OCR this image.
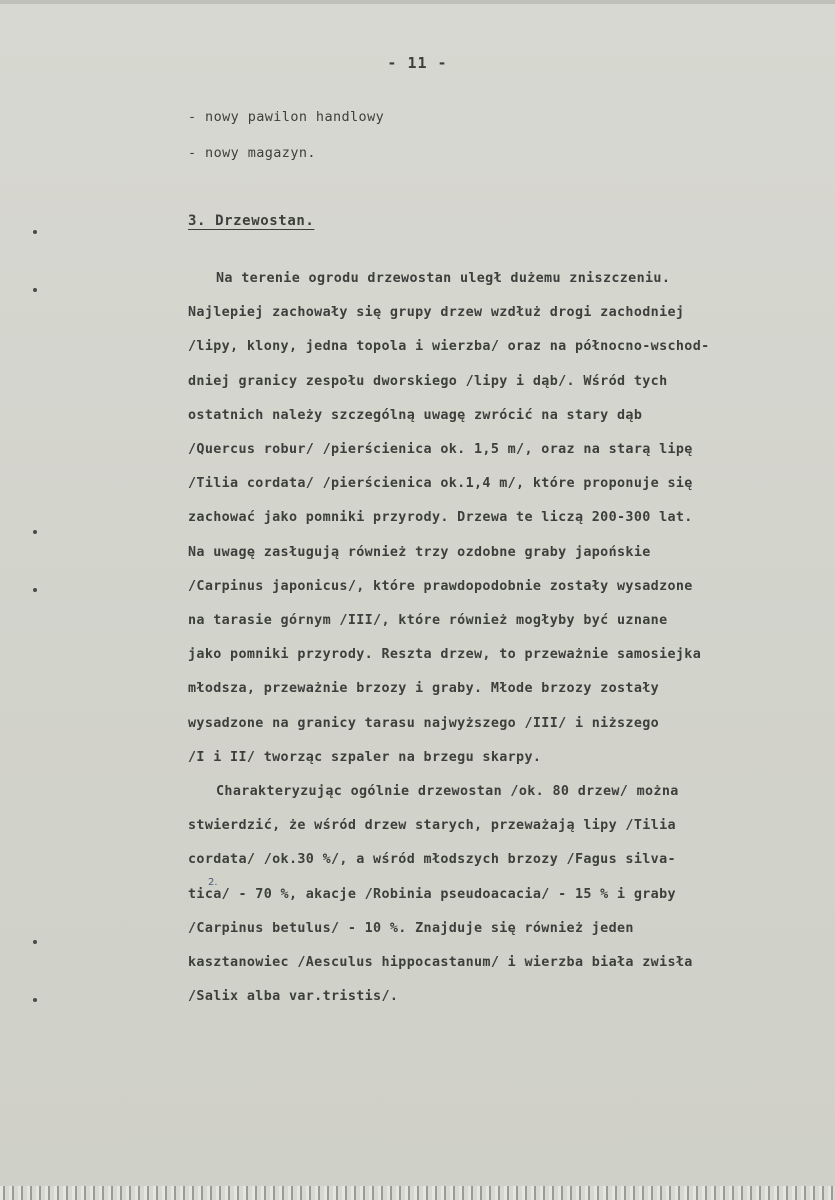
- 11 -
- nowy pawilon handlowy
- nowy magazyn.
3. Drzewostan.
Na terenie ogrodu drzewostan uległ dużemu zniszczeniu.
Najlepiej zachowały się grupy drzew wzdłuż drogi zachodniej
/lipy, klony, jedna topola i wierzba/ oraz na północno-wschod-
dniej granicy zespołu dworskiego /lipy i dąb/. Wśród tych
ostatnich należy szczególną uwagę zwrócić na stary dąb
/Quercus robur/ /pierścienica ok. 1,5 m/, oraz na starą lipę
/Tilia cordata/ /pierścienica ok.1,4 m/, które proponuje się
zachować jako pomniki przyrody. Drzewa te liczą 200-300 lat.
Na uwagę zasługują również trzy ozdobne graby japońskie
/Carpinus japonicus/, które prawdopodobnie zostały wysadzone
na tarasie górnym /III/, które również mogłyby być uznane
jako pomniki przyrody. Reszta drzew, to przeważnie samosiejka
młodsza, przeważnie brzozy i graby. Młode brzozy zostały
wysadzone na granicy tarasu najwyższego /III/ i niższego
/I i II/ tworząc szpaler na brzegu skarpy.
Charakteryzując ogólnie drzewostan /ok. 80 drzew/ można
stwierdzić, że wśród drzew starych, przeważają lipy /Tilia
cordata/ /ok.30 %/, a wśród młodszych brzozy /Fagus silva-
tica/ - 70 %, akacje /Robinia pseudoacacia/ - 15 % i graby
/Carpinus betulus/ - 10 %. Znajduje się również jeden
kasztanowiec /Aesculus hippocastanum/ i wierzba biała zwisła
/Salix alba var.tristis/.
2.
